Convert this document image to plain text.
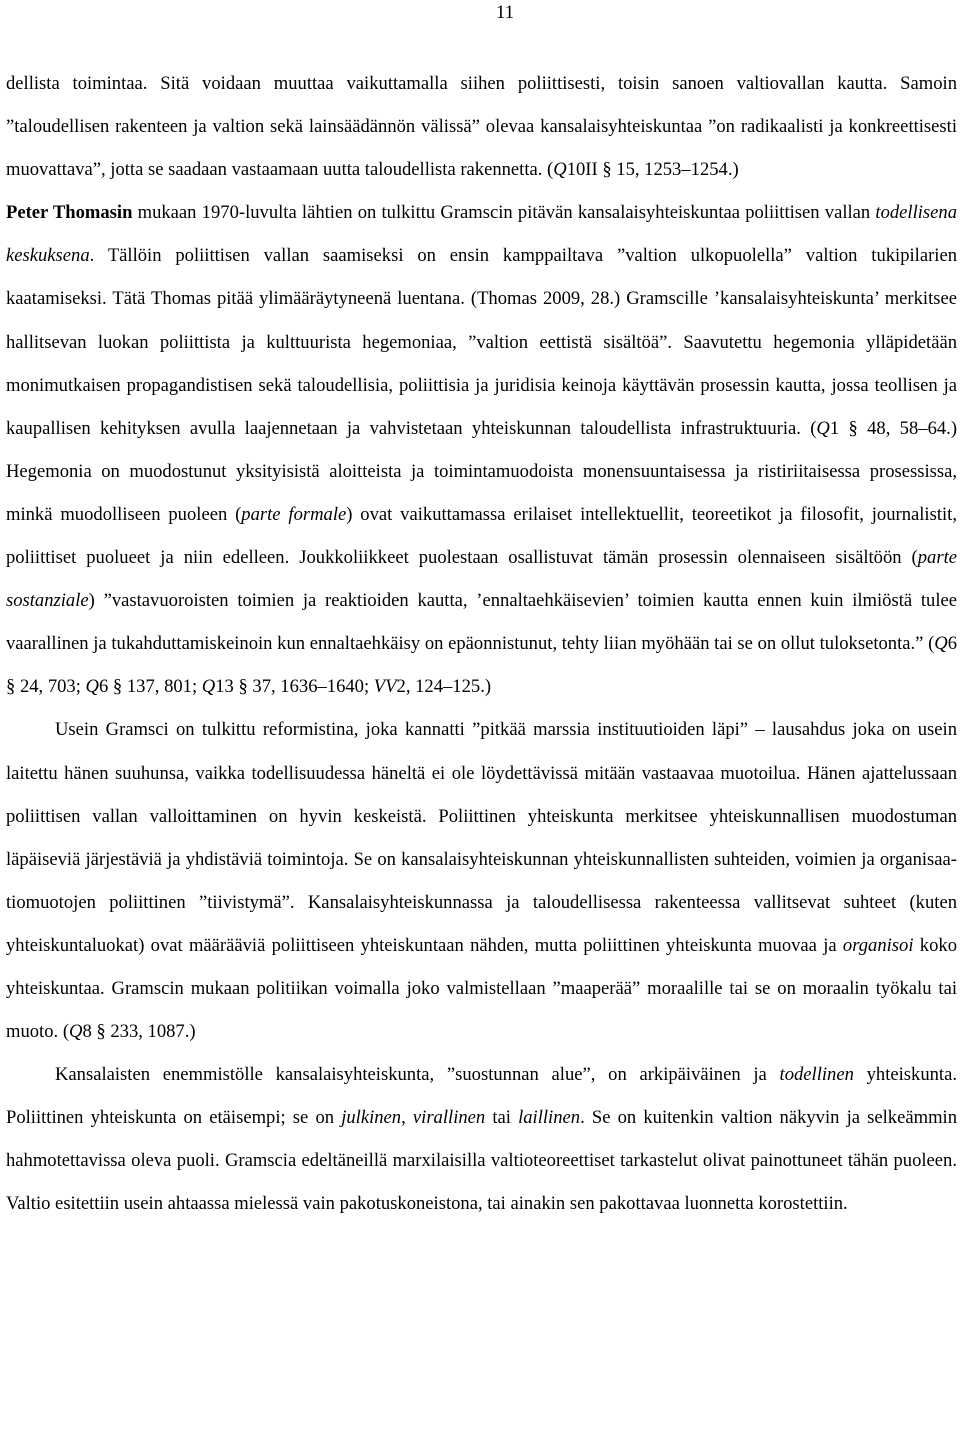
11

dellista toimintaa. Sitä voidaan muuttaa vaikuttamalla siihen poliittisesti, toisin sanoen valtiovallan kautta. Samoin ”taloudellisen rakenteen ja valtion sekä lainsäädännön välissä” olevaa kansalaisyhteiskuntaa ”on radikaalisti ja konkreettisesti muovattava”, jotta se saadaan vastaamaan uutta taloudellista rakennetta. (Q10II § 15, 1253–1254.)
Peter Thomasin mukaan 1970-luvulta lähtien on tulkittu Gramscin pitävän kansalaisyhteiskuntaa poliittisen vallan todellisena keskuksena. Tällöin poliittisen vallan saamiseksi on ensin kamppailtava ”valtion ulkopuolella” valtion tukipilarien kaatamiseksi. Tätä Thomas pitää ylimääräytyneenä luentana. (Thomas 2009, 28.) Gramscille ’kansalaisyhteiskunta’ merkitsee hallitsevan luokan poliittista ja kulttuurista hegemoniaa, ”valtion eettistä sisältöä”. Saavutettu hegemonia ylläpidetään monimutkaisen propagandistisen sekä taloudellisia, poliittisia ja juridisia keinoja käyttävän prosessin kautta, jossa teollisen ja kaupallisen kehityksen avulla laajennetaan ja vahvistetaan yhteiskunnan taloudellista infrastruktuuria. (Q1 § 48, 58–64.) Hegemonia on muodostunut yksityisistä aloitteista ja toimintamuodoista monensuuntaisessa ja ristiriitaisessa prosessissa, minkä muodolliseen puoleen (parte formale) ovat vaikuttamassa erilaiset intellektuellit, teoreetikot ja filosofit, journalistit, poliittiset puolueet ja niin edelleen. Joukkoliikkeet puolestaan osallistuvat tämän prosessin olennaiseen sisältöön (parte sostanziale) ”vastavuoroisten toimien ja reaktioiden kautta, ’ennaltaehkäisevien’ toimien kautta ennen kuin ilmiöstä tulee vaarallinen ja tukahduttamiskeinoin kun ennaltaehkäisy on epäonnistunut, tehty liian myöhään tai se on ollut tuloksetonta.” (Q6 § 24, 703; Q6 § 137, 801; Q13 § 37, 1636–1640; VV2, 124–125.)

Usein Gramsci on tulkittu reformistina, joka kannatti ”pitkää marssia instituutioiden läpi” – lausahdus joka on usein laitettu hänen suuhunsa, vaikka todellisuudessa häneltä ei ole löydettävissä mitään vastaavaa muotoilua. Hänen ajattelussaan poliittisen vallan valloittaminen on hyvin keskeistä. Poliittinen yhteiskunta merkitsee yhteiskunnallisen muodostuman läpäiseviä järjestäviä ja yhdistäviä toimintoja. Se on kansalaisyhteiskunnan yhteiskunnallisten suhteiden, voimien ja organisaatiomuotojen poliittinen ”tiivistymä”. Kansalaisyhteiskunnassa ja taloudellisessa rakenteessa vallitsevat suhteet (kuten yhteiskuntaluokat) ovat määrääviä poliittiseen yhteiskuntaan nähden, mutta poliittinen yhteiskunta muovaa ja organisoi koko yhteiskuntaa. Gramscin mukaan politiikan voimalla joko valmistellaan ”maaperää” moraalille tai se on moraalin työkalu tai muoto. (Q8 § 233, 1087.)

Kansalaisten enemmistölle kansalaisyhteiskunta, ”suostunnan alue”, on arkipäiväinen ja todellinen yhteiskunta. Poliittinen yhteiskunta on etäisempi; se on julkinen, virallinen tai laillinen. Se on kuitenkin valtion näkyvin ja selkeämmin hahmotettavissa oleva puoli. Gramscia edeltäneillä marxilaisilla valtioteoreettiset tarkastelut olivat painottuneet tähän puoleen. Valtio esitettiin usein ahtaassa mielessä vain pakotuskoneistona, tai ainakin sen pakottavaa luonnetta korostettiin.
